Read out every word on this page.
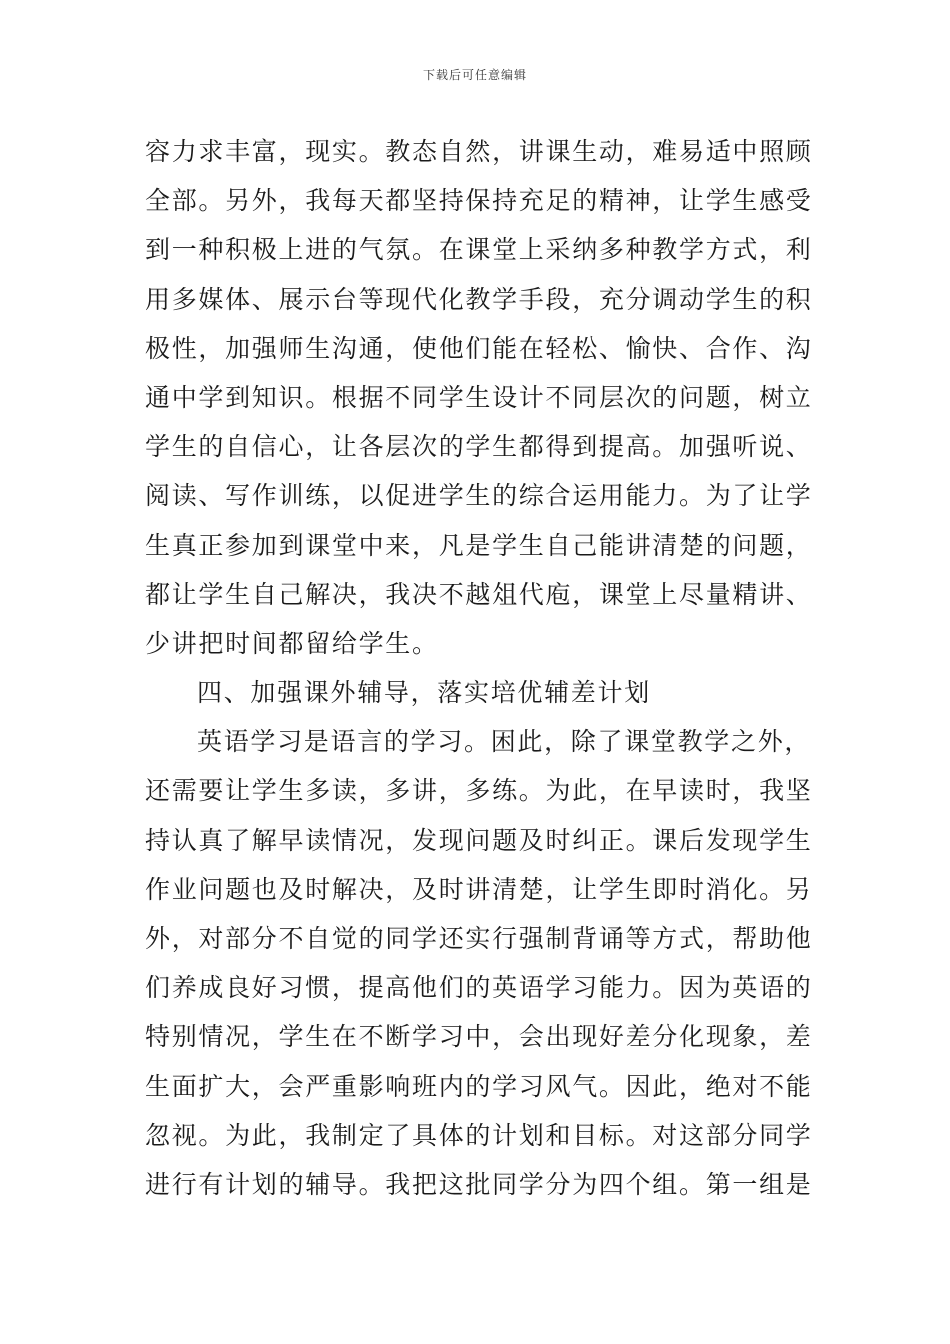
下载后可任意编辑
容力求丰富，现实。教态自然，讲课生动，难易适中照顾
全部。另外，我每天都坚持保持充足的精神，让学生感受
到一种积极上进的气氛。在课堂上采纳多种教学方式，利
用多媒体、展示台等现代化教学手段，充分调动学生的积
极性，加强师生沟通，使他们能在轻松、愉快、合作、沟
通中学到知识。根据不同学生设计不同层次的问题，树立
学生的自信心，让各层次的学生都得到提高。加强听说、
阅读、写作训练，以促进学生的综合运用能力。为了让学
生真正参加到课堂中来，凡是学生自己能讲清楚的问题，
都让学生自己解决，我决不越俎代庖，课堂上尽量精讲、
少讲把时间都留给学生。
四、加强课外辅导，落实培优辅差计划
英语学习是语言的学习。困此，除了课堂教学之外，
还需要让学生多读，多讲，多练。为此，在早读时，我坚
持认真了解早读情况，发现问题及时纠正。课后发现学生
作业问题也及时解决，及时讲清楚，让学生即时消化。另
外，对部分不自觉的同学还实行强制背诵等方式，帮助他
们养成良好习惯，提高他们的英语学习能力。因为英语的
特别情况，学生在不断学习中，会出现好差分化现象，差
生面扩大，会严重影响班内的学习风气。因此，绝对不能
忽视。为此，我制定了具体的计划和目标。对这部分同学
进行有计划的辅导。我把这批同学分为四个组。第一组是
